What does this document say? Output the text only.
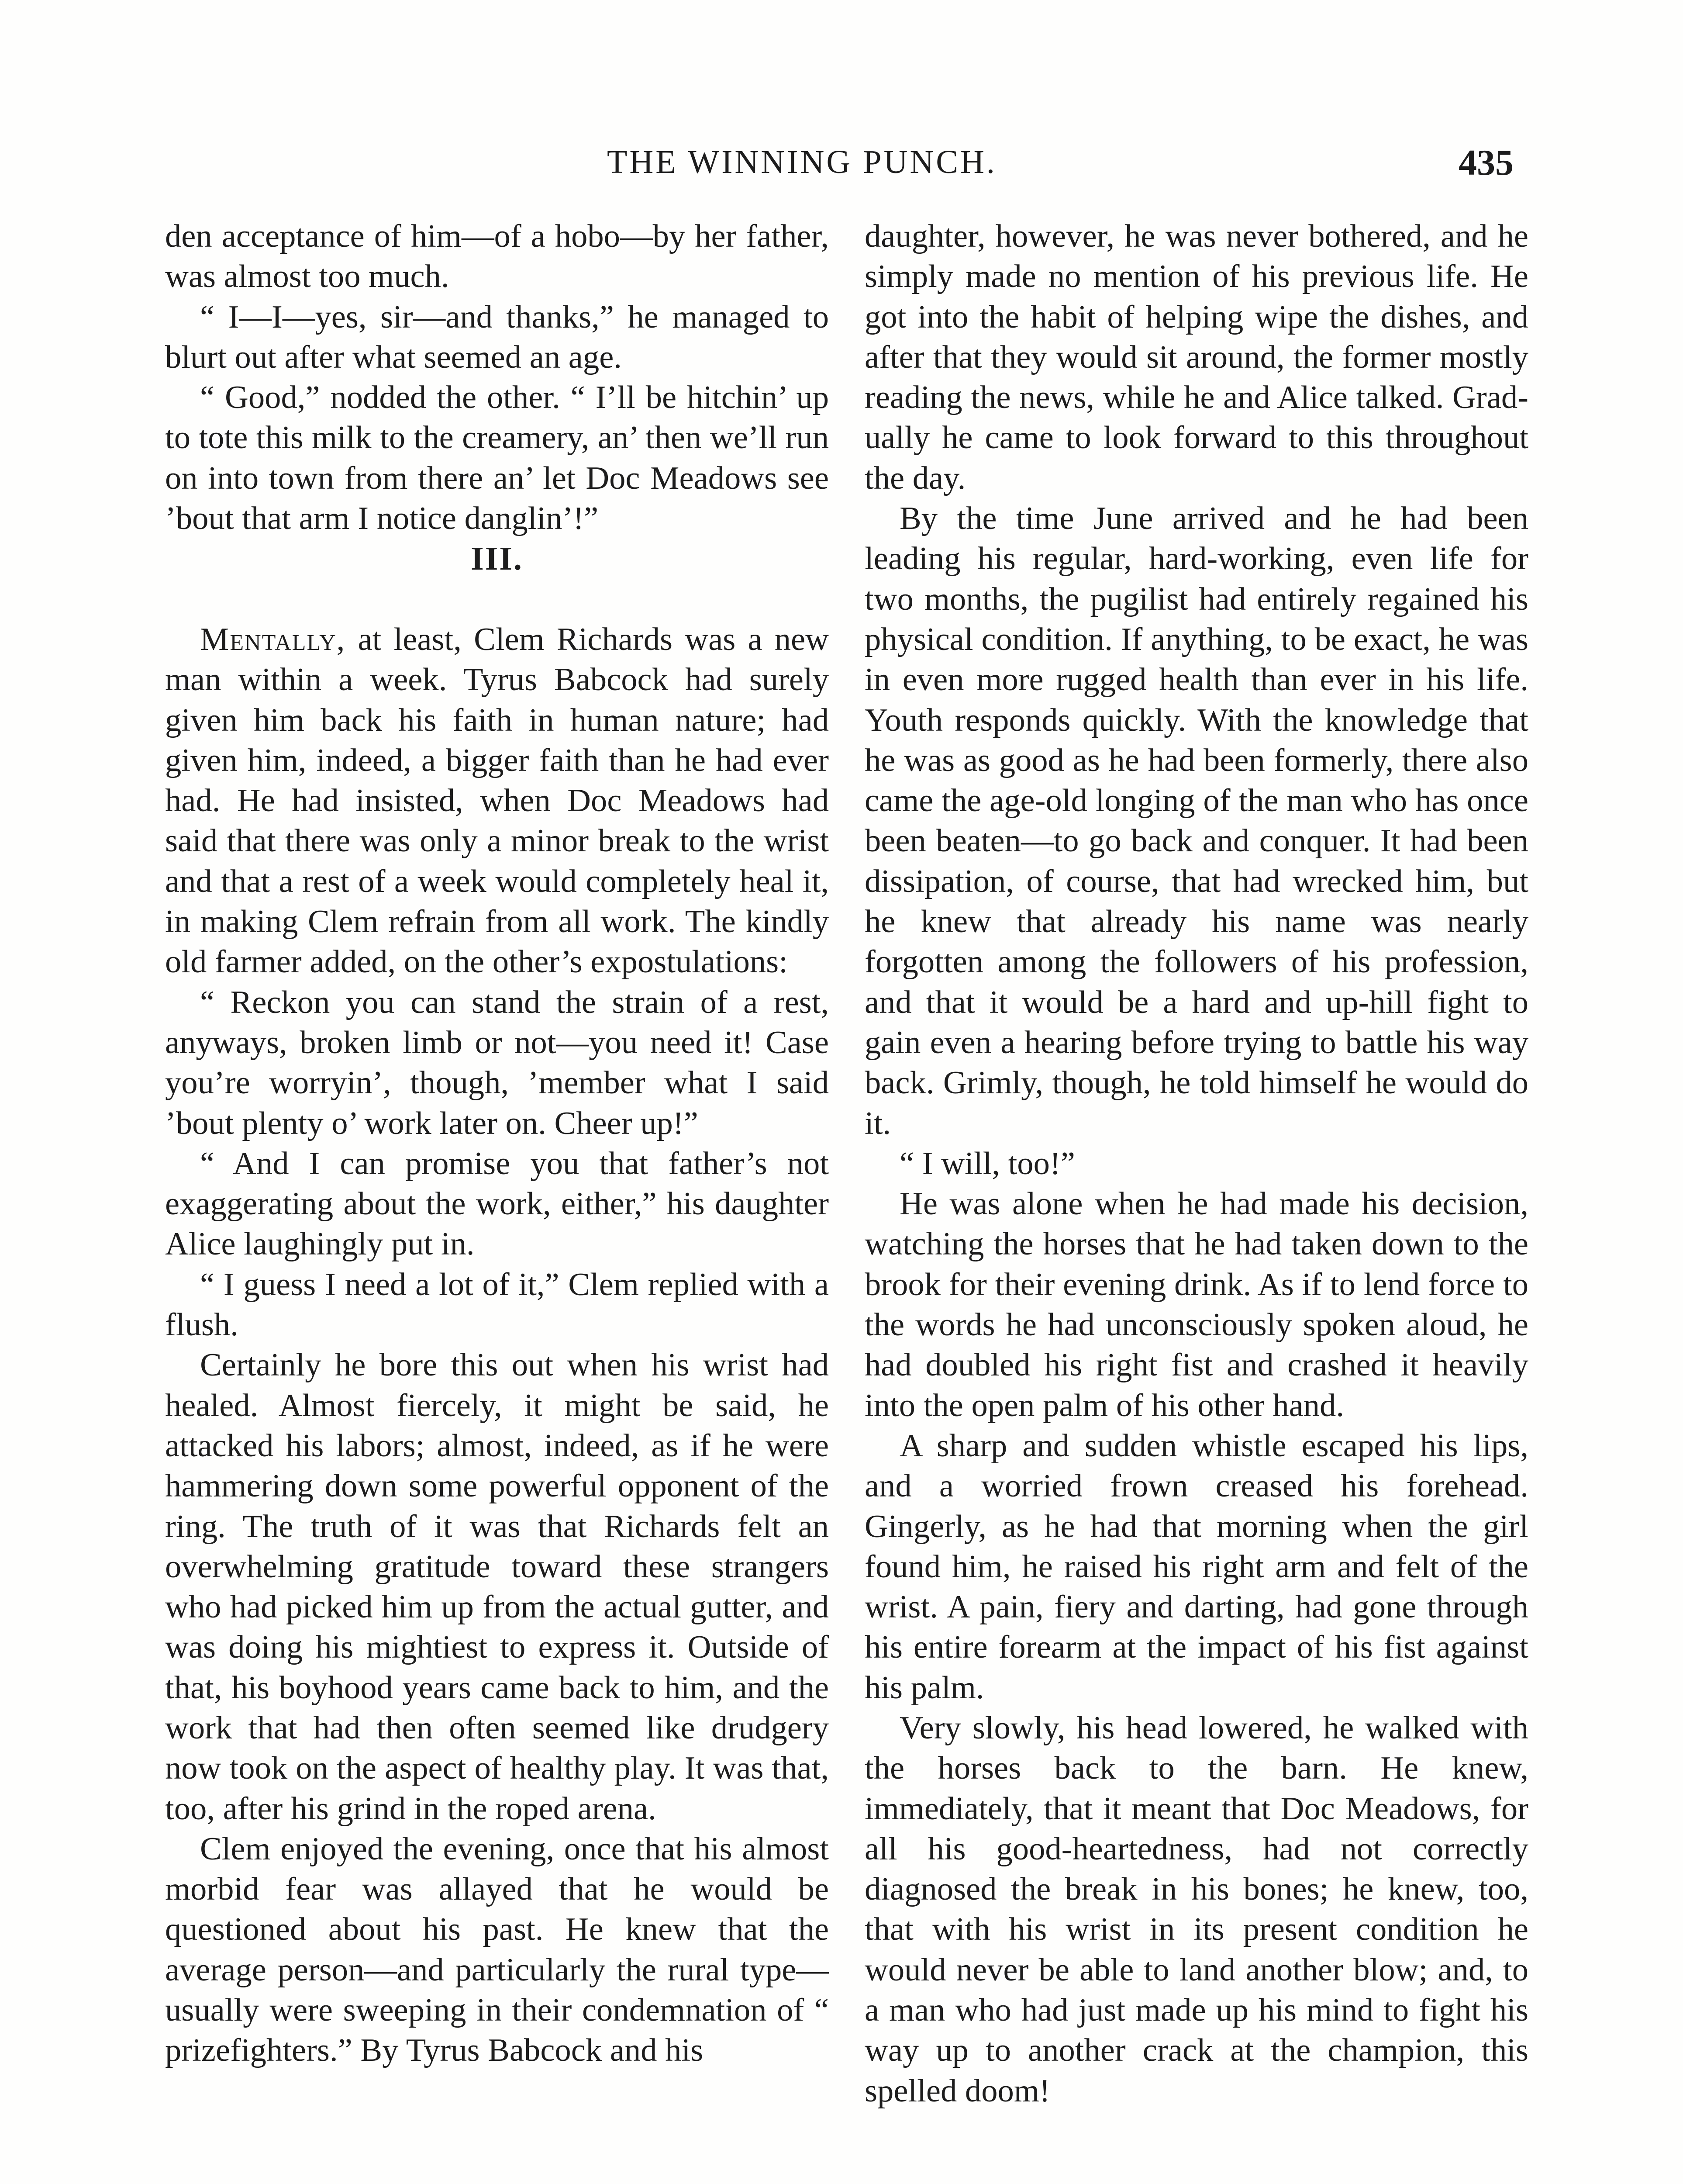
THE WINNING PUNCH.	435

den acceptance of him—of a hobo—by her father, was almost too much.

“ I—I—yes, sir—and thanks,” he managed to blurt out after what seemed an age.

“ Good,” nodded the other. “ I’ll be hitchin’ up to tote this milk to the creamery, an’ then we’ll run on into town from there an’ let Doc Meadows see ’bout that arm I notice danglin’!”

III.

Mentally, at least, Clem Richards was a new man within a week. Tyrus Babcock had surely given him back his faith in human nature; had given him, indeed, a bigger faith than he had ever had. He had insisted, when Doc Meadows had said that there was only a minor break to the wrist and that a rest of a week would completely heal it, in making Clem refrain from all work. The kindly old farmer added, on the other’s expostulations:

“ Reckon you can stand the strain of a rest, anyways, broken limb or not—you need it! Case you’re worryin’, though, ’member what I said ’bout plenty o’ work later on. Cheer up!”

“ And I can promise you that father’s not exaggerating about the work, either,” his daughter Alice laughingly put in.

“ I guess I need a lot of it,” Clem replied with a flush.

Certainly he bore this out when his wrist had healed. Almost fiercely, it might be said, he attacked his labors; almost, indeed, as if he were hammering down some powerful opponent of the ring. The truth of it was that Richards felt an overwhelming gratitude toward these strangers who had picked him up from the actual gutter, and was doing his mightiest to express it. Outside of that, his boyhood years came back to him, and the work that had then often seemed like drudgery now took on the aspect of healthy play. It was that, too, after his grind in the roped arena.

Clem enjoyed the evening, once that his almost morbid fear was allayed that he would be questioned about his past. He knew that the average person—and particularly the rural type—usually were sweeping in their condemnation of “ prizefighters.” By Tyrus Babcock and his

daughter, however, he was never bothered, and he simply made no mention of his previous life. He got into the habit of helping wipe the dishes, and after that they would sit around, the former mostly reading the news, while he and Alice talked. Gradually he came to look forward to this throughout the day.

By the time June arrived and he had been leading his regular, hard-working, even life for two months, the pugilist had entirely regained his physical condition. If anything, to be exact, he was in even more rugged health than ever in his life. Youth responds quickly. With the knowledge that he was as good as he had been formerly, there also came the age-old longing of the man who has once been beaten—to go back and conquer. It had been dissipation, of course, that had wrecked him, but he knew that already his name was nearly forgotten among the followers of his profession, and that it would be a hard and up-hill fight to gain even a hearing before trying to battle his way back. Grimly, though, he told himself he would do it.

“ I will, too!”

He was alone when he had made his decision, watching the horses that he had taken down to the brook for their evening drink. As if to lend force to the words he had unconsciously spoken aloud, he had doubled his right fist and crashed it heavily into the open palm of his other hand.

A sharp and sudden whistle escaped his lips, and a worried frown creased his forehead. Gingerly, as he had that morning when the girl found him, he raised his right arm and felt of the wrist. A pain, fiery and darting, had gone through his entire forearm at the impact of his fist against his palm.

Very slowly, his head lowered, he walked with the horses back to the barn. He knew, immediately, that it meant that Doc Meadows, for all his good-heartedness, had not correctly diagnosed the break in his bones; he knew, too, that with his wrist in its present condition he would never be able to land another blow; and, to a man who had just made up his mind to fight his way up to another crack at the champion, this spelled doom!
